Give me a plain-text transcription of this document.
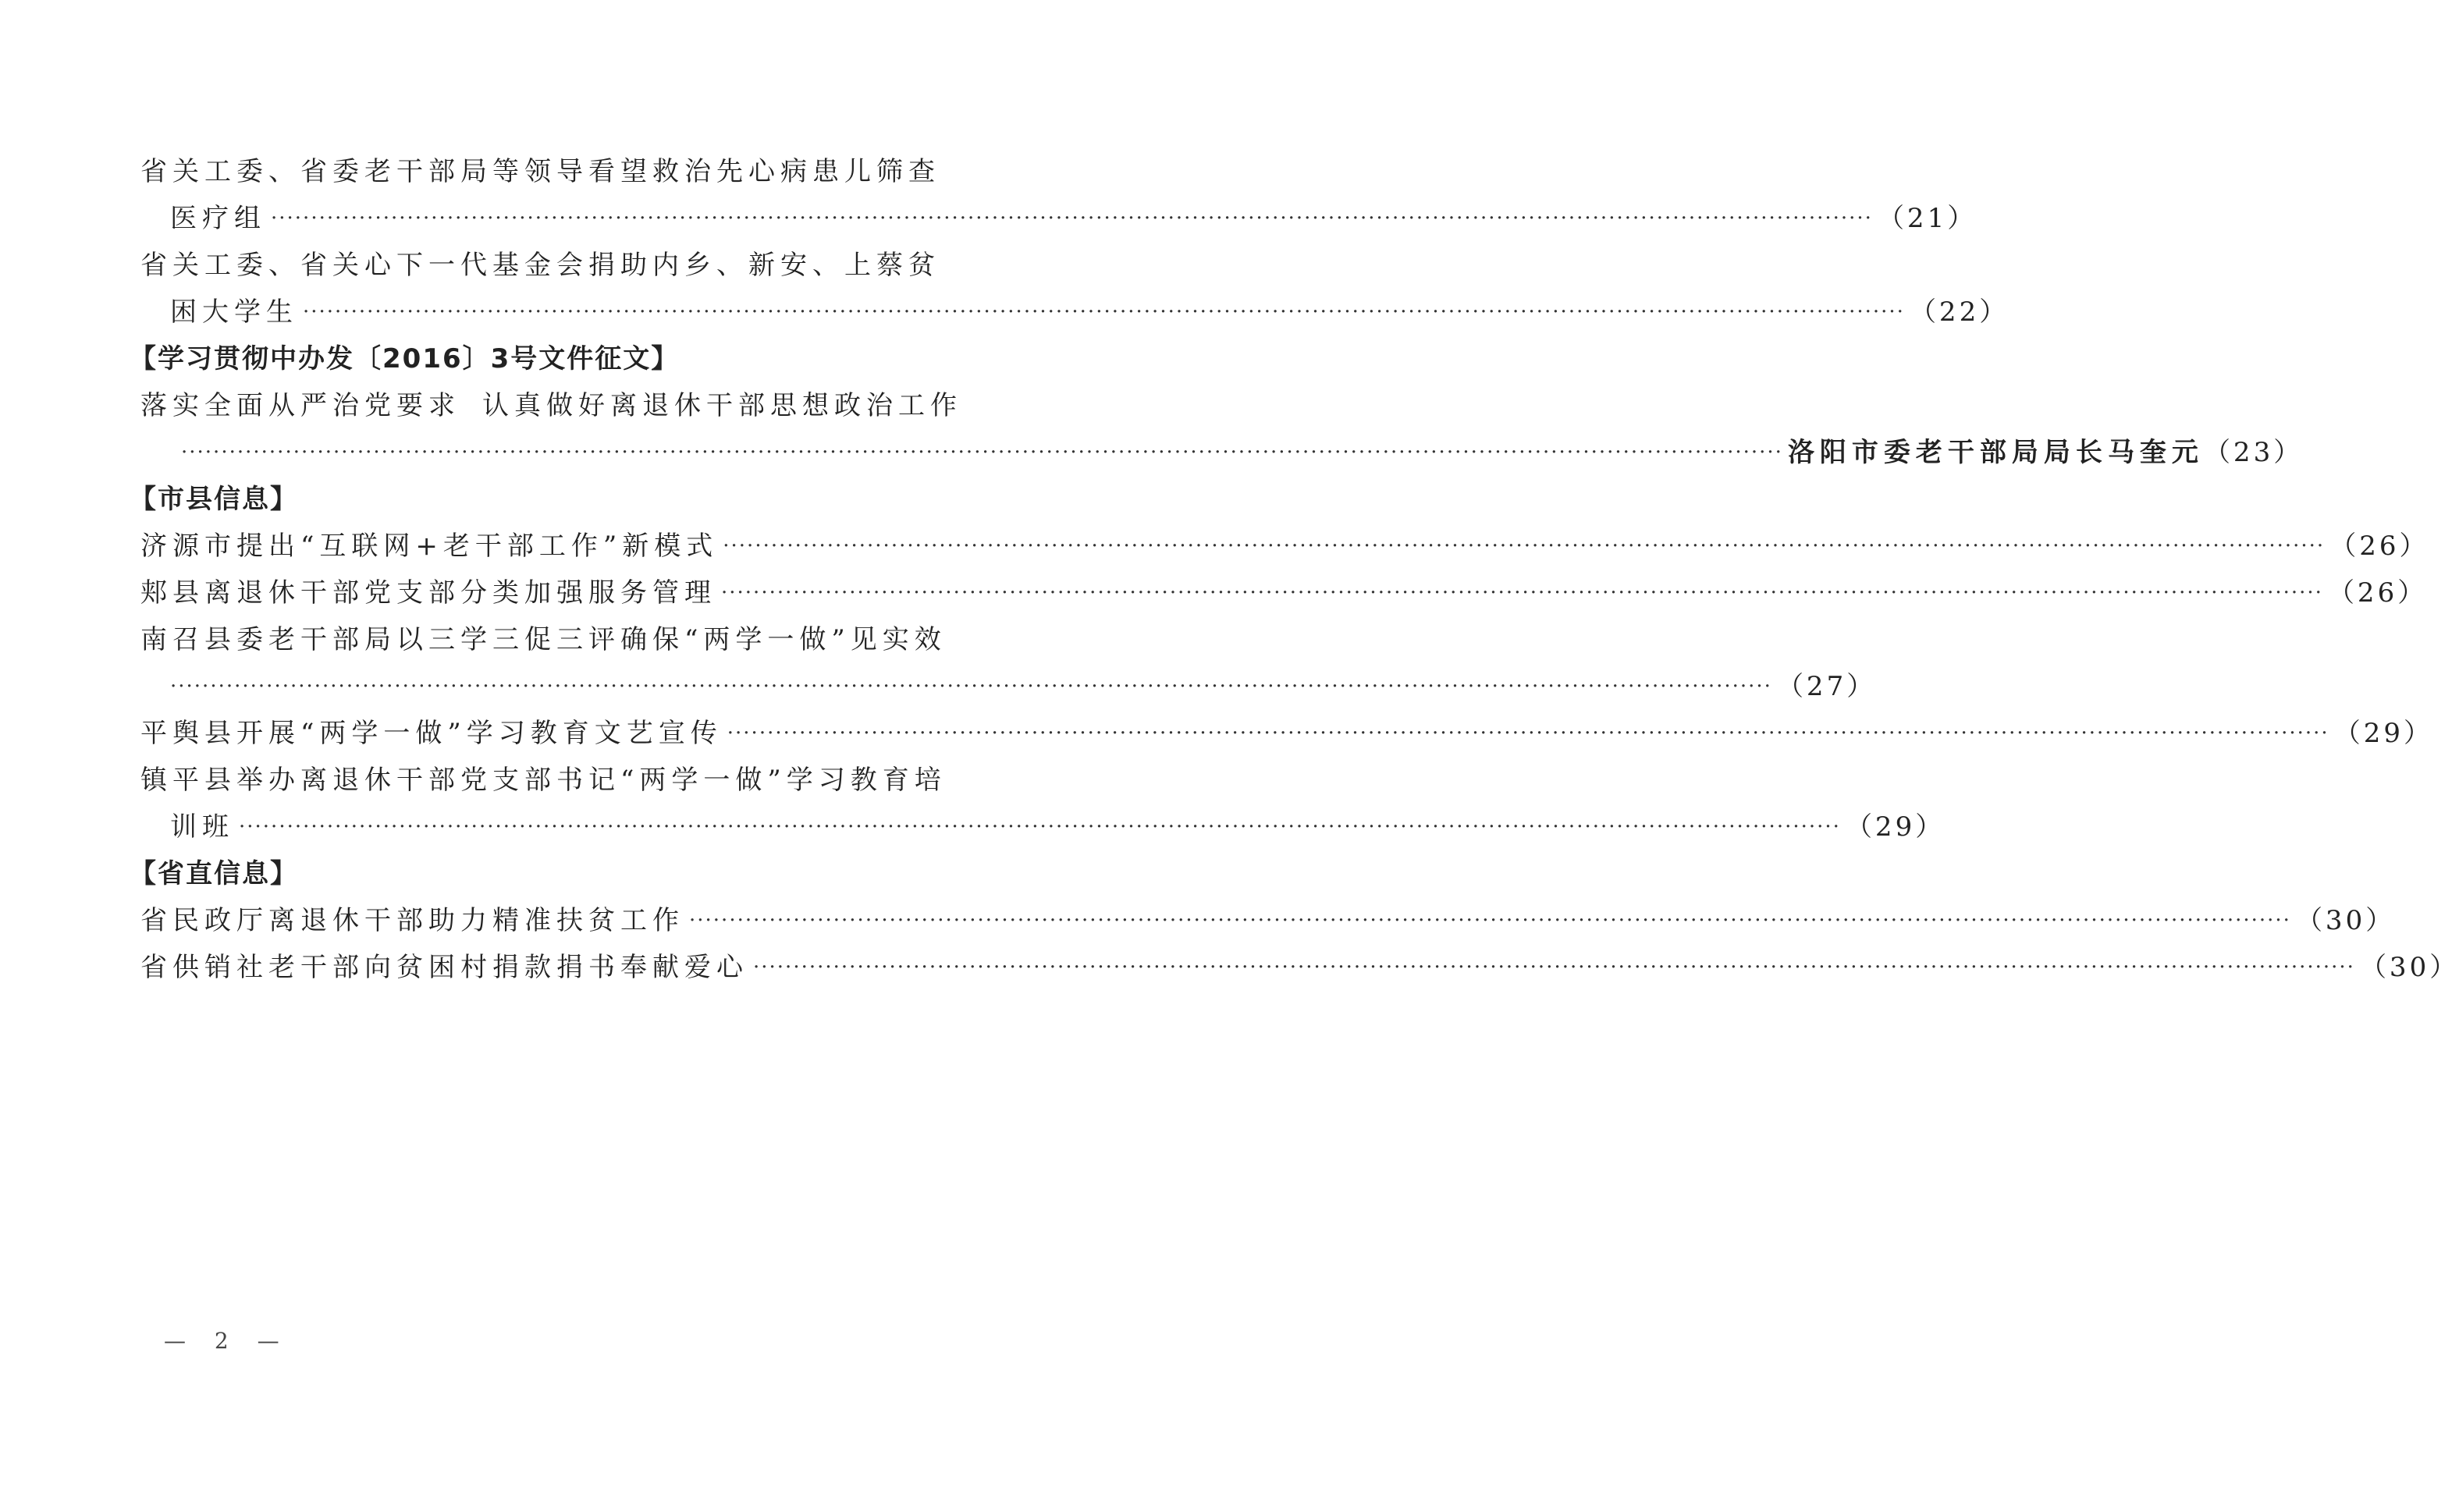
省关工委、省委老干部局等领导看望救治先心病患儿筛查
医疗组 ········································································································································································································ （21）
省关工委、省关心下一代基金会捐助内乡、新安、上蔡贫
困大学生 ········································································································································································································ （22）
【学习贯彻中办发〔2016〕3号文件征文】
落实全面从严治党要求 认真做好离退休干部思想政治工作
········································································································································································································ 洛阳市委老干部局局长 马奎元 （23）
【市县信息】
济源市提出“互联网+老干部工作”新模式 ········································································································································································································ （26）
郏县离退休干部党支部分类加强服务管理 ········································································································································································································ （26）
南召县委老干部局以三学三促三评确保“两学一做”见实效
········································································································································································································ （27）
平舆县开展“两学一做”学习教育文艺宣传 ········································································································································································································ （29）
镇平县举办离退休干部党支部书记“两学一做”学习教育培
训班 ········································································································································································································ （29）
【省直信息】
省民政厅离退休干部助力精准扶贫工作 ········································································································································································································ （30）
省供销社老干部向贫困村捐款捐书奉献爱心 ········································································································································································································ （30）
— 2 —
